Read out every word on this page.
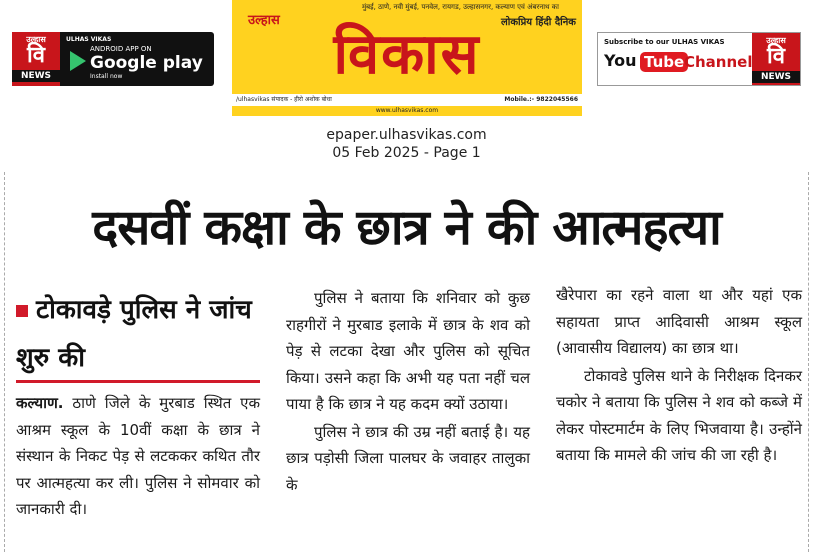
उल्हास
वि
NEWS
ULHAS VIKAS
ANDROID APP ON
Google play
Install now
मुंबई, ठाणे, नवी मुंबई, पनवेल, रायगड, उल्हासनगर, कल्याण एवं अंबरनाथ का
लोकप्रिय हिंदी दैनिक
उल्हास
विकास
/ulhasvikas संपादक - हीरो अशोक बोधा	Mobile.:- 9822045566
www.ulhasvikas.com
Subscribe to our ULHAS VIKAS
You Tube Channel
उल्हास
वि
NEWS
epaper.ulhasvikas.com
05 Feb 2025 - Page 1
दसवीं कक्षा के छात्र ने की आत्महत्या
टोकावड़े पुलिस ने जांच शुरु की

कल्याण. ठाणे जिले के मुरबाड स्थित एक आश्रम स्कूल के 10वीं कक्षा के छात्र ने संस्थान के निकट पेड़ से लटककर कथित तौर पर आत्महत्या कर ली। पुलिस ने सोमवार को जानकारी दी।

पुलिस ने बताया कि शनिवार को कुछ राहगीरों ने मुरबाड इलाके में छात्र के शव को पेड़ से लटका देखा और पुलिस को सूचित किया। उसने कहा कि अभी यह पता नहीं चल पाया है कि छात्र ने यह कदम क्यों उठाया।

पुलिस ने छात्र की उम्र नहीं बताई है। यह छात्र पड़ोसी जिला पालघर के जवाहर तालुका के

खैरेपारा का रहने वाला था और यहां एक सहायता प्राप्त आदिवासी आश्रम स्कूल (आवासीय विद्यालय) का छात्र था।

टोकावडे पुलिस थाने के निरीक्षक दिनकर चकोर ने बताया कि पुलिस ने शव को कब्जे में लेकर पोस्टमार्टम के लिए भिजवाया है। उन्होंने बताया कि मामले की जांच की जा रही है।
